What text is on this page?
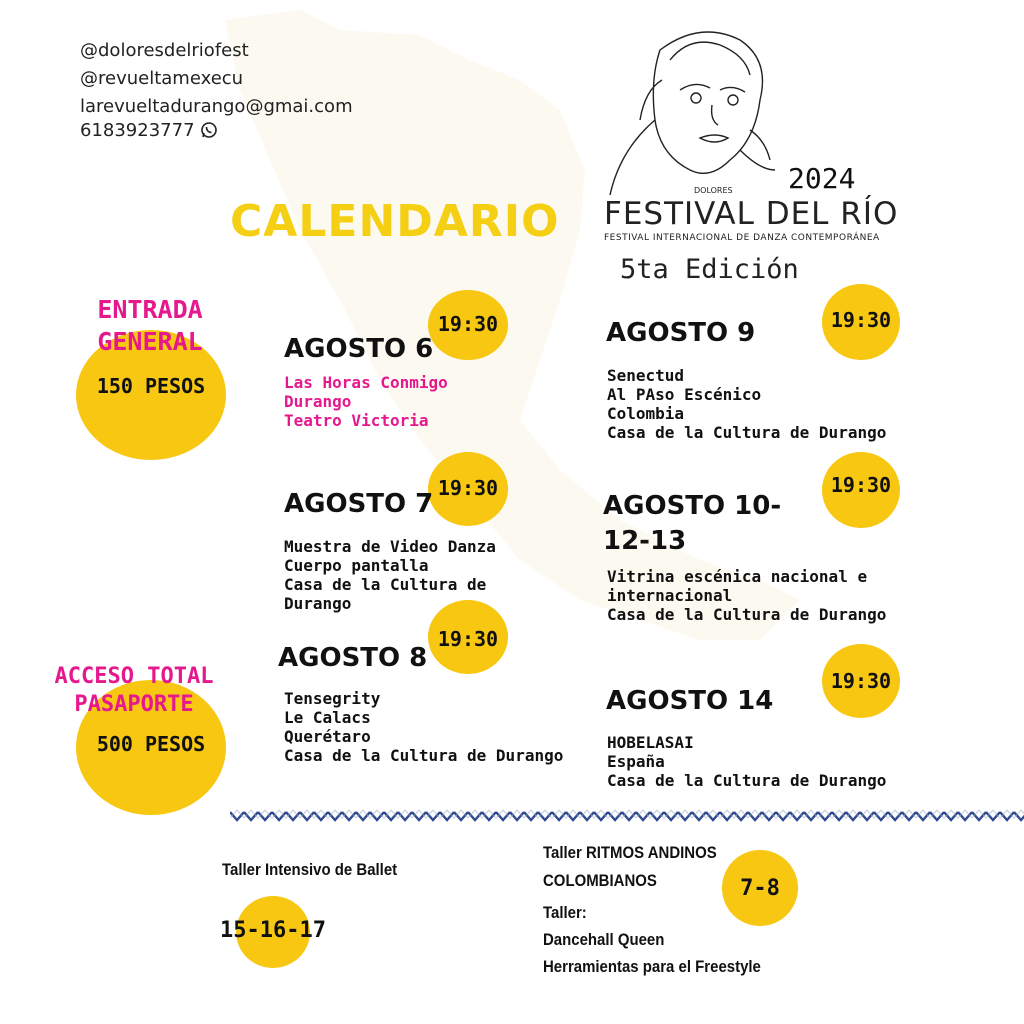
@doloresdelriofest
@revueltamexecu
larevueltadurango@gmai.com
6183923777
DOLORES 2024
FESTIVAL DEL RÍO
FESTIVAL INTERNACIONAL DE DANZA CONTEMPORÁNEA
5ta Edición
CALENDARIO
ENTRADA
GENERAL
150 PESOS
ACCESO TOTAL
PASAPORTE
500 PESOS
19:30
AGOSTO 6
Las Horas Conmigo
Durango
Teatro Victoria
19:30
AGOSTO 7
Muestra de Video Danza
Cuerpo pantalla
Casa de la Cultura de
Durango
19:30
AGOSTO 8
Tensegrity
Le Calacs
Querétaro
Casa de la Cultura de Durango
19:30
AGOSTO 9
Senectud
Al PAso Escénico
Colombia
Casa de la Cultura de Durango
19:30
AGOSTO 10-
12-13
Vitrina escénica nacional e
internacional
Casa de la Cultura de Durango
19:30
AGOSTO 14
HOBELASAI
España
Casa de la Cultura de Durango
Taller Intensivo de Ballet
15-16-17
Taller RITMOS ANDINOS
COLOMBIANOS	7-8
Taller:
Dancehall Queen
Herramientas para el Freestyle
